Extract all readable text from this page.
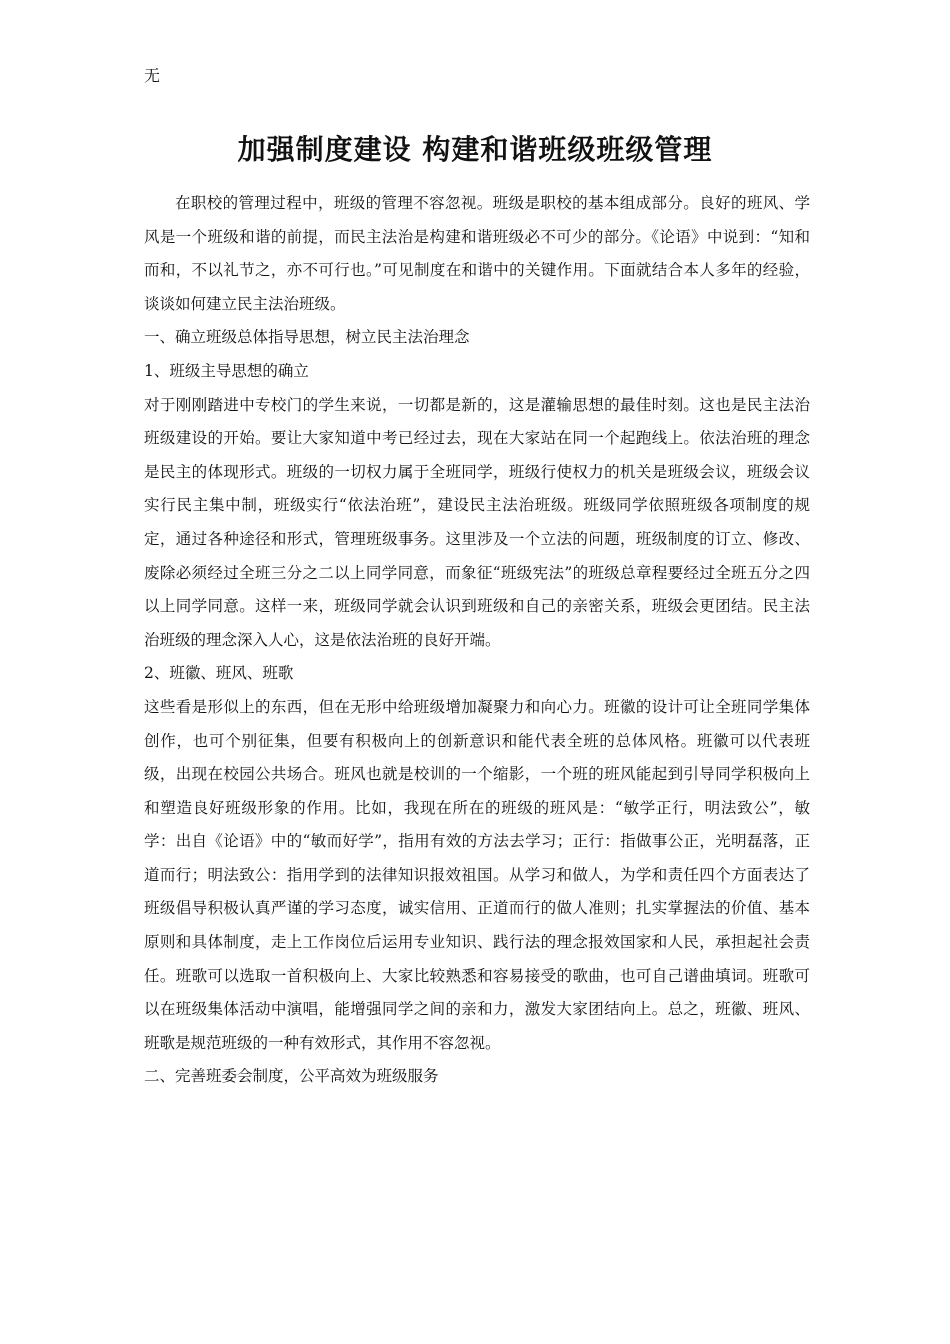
无
加强制度建设 构建和谐班级班级管理

在职校的管理过程中，班级的管理不容忽视。班级是职校的基本组成部分。良好的班风、学风是一个班级和谐的前提，而民主法治是构建和谐班级必不可少的部分。《论语》中说到：“知和而和，不以礼节之，亦不可行也。”可见制度在和谐中的关键作用。下面就结合本人多年的经验，谈谈如何建立民主法治班级。

一、确立班级总体指导思想，树立民主法治理念

1、班级主导思想的确立

对于刚刚踏进中专校门的学生来说，一切都是新的，这是灌输思想的最佳时刻。这也是民主法治班级建设的开始。要让大家知道中考已经过去，现在大家站在同一个起跑线上。依法治班的理念是民主的体现形式。班级的一切权力属于全班同学，班级行使权力的机关是班级会议，班级会议实行民主集中制，班级实行“依法治班”，建设民主法治班级。班级同学依照班级各项制度的规定，通过各种途径和形式，管理班级事务。这里涉及一个立法的问题，班级制度的订立、修改、废除必须经过全班三分之二以上同学同意，而象征“班级宪法”的班级总章程要经过全班五分之四以上同学同意。这样一来，班级同学就会认识到班级和自己的亲密关系，班级会更团结。民主法治班级的理念深入人心，这是依法治班的良好开端。

2、班徽、班风、班歌

这些看是形似上的东西，但在无形中给班级增加凝聚力和向心力。班徽的设计可让全班同学集体创作，也可个别征集，但要有积极向上的创新意识和能代表全班的总体风格。班徽可以代表班级，出现在校园公共场合。班风也就是校训的一个缩影，一个班的班风能起到引导同学积极向上和塑造良好班级形象的作用。比如，我现在所在的班级的班风是：“敏学正行，明法致公”，敏学：出自《论语》中的“敏而好学”，指用有效的方法去学习；正行：指做事公正，光明磊落，正道而行；明法致公：指用学到的法律知识报效祖国。从学习和做人，为学和责任四个方面表达了班级倡导积极认真严谨的学习态度，诚实信用、正道而行的做人准则；扎实掌握法的价值、基本原则和具体制度，走上工作岗位后运用专业知识、践行法的理念报效国家和人民，承担起社会责任。班歌可以选取一首积极向上、大家比较熟悉和容易接受的歌曲，也可自己谱曲填词。班歌可以在班级集体活动中演唱，能增强同学之间的亲和力，激发大家团结向上。总之，班徽、班风、班歌是规范班级的一种有效形式，其作用不容忽视。

二、完善班委会制度，公平高效为班级服务
